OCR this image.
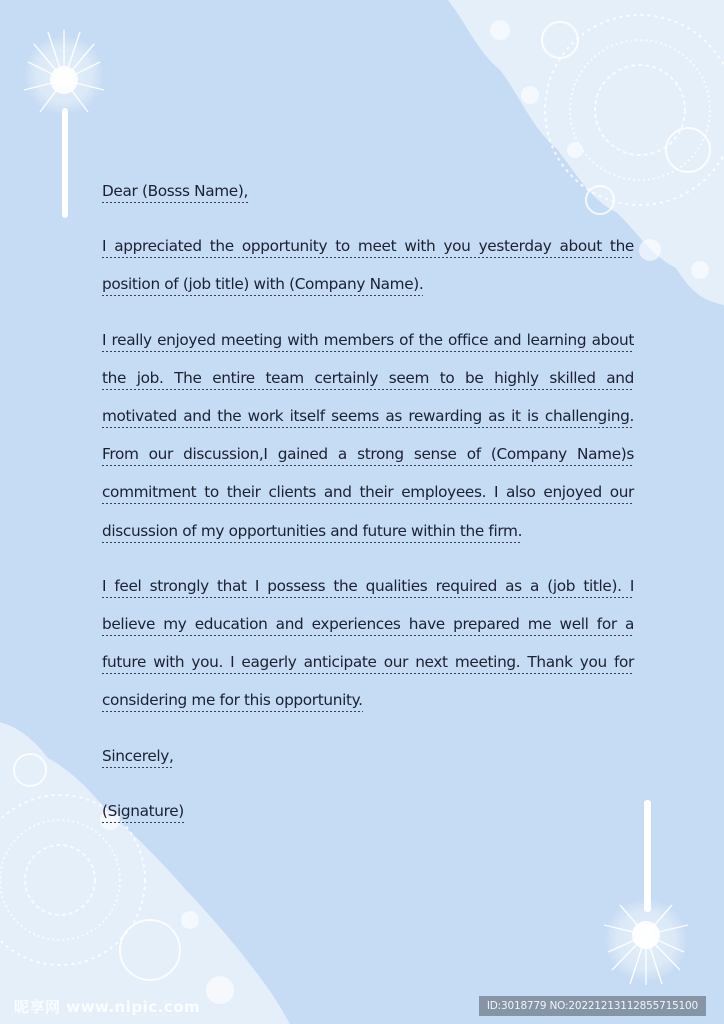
Dear (Bosss Name),

I appreciated the opportunity to meet with you yesterday about the position of (job title) with (Company Name).

I really enjoyed meeting with members of the office and learning about the job. The entire team certainly seem to be highly skilled and motivated and the work itself seems as rewarding as it is challenging. From our discussion,I gained a strong sense of (Company Name)s commitment to their clients and their employees. I also enjoyed our discussion of my opportunities and future within the firm.

I feel strongly that I possess the qualities required as a (job title). I believe my education and experiences have prepared me well for a future with you. I eagerly anticipate our next meeting. Thank you for considering me for this opportunity.

Sincerely,

(Signature)

昵享网 www.nipic.com	ID:3018779 NO:20221213112855715100
